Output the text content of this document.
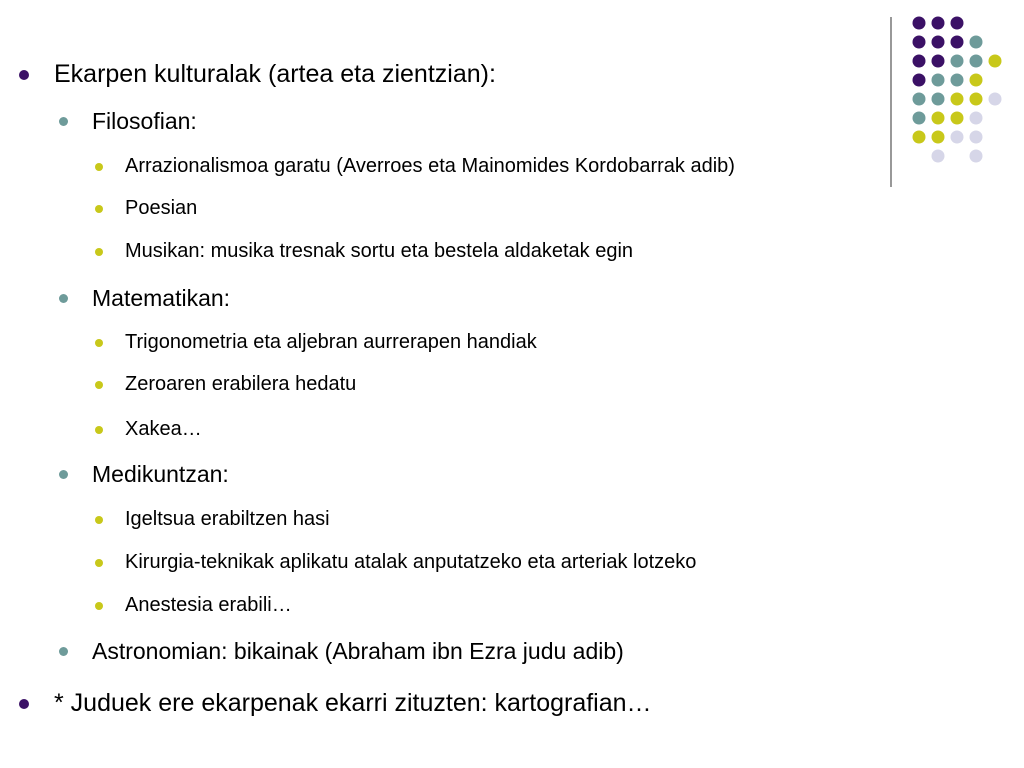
Ekarpen kulturalak (artea eta zientzian):
Filosofian:
Arrazionalismoa garatu (Averroes eta Mainomides Kordobarrak adib)
Poesian
Musikan: musika tresnak sortu eta bestela aldaketak egin
Matematikan:
Trigonometria eta aljebran aurrerapen handiak
Zeroaren erabilera hedatu
Xakea…
Medikuntzan:
Igeltsua erabiltzen hasi
Kirurgia-teknikak aplikatu atalak anputatzeko eta arteriak lotzeko
Anestesia erabili…
Astronomian: bikainak (Abraham ibn Ezra judu adib)
* Juduek ere ekarpenak ekarri zituzten: kartografian…
